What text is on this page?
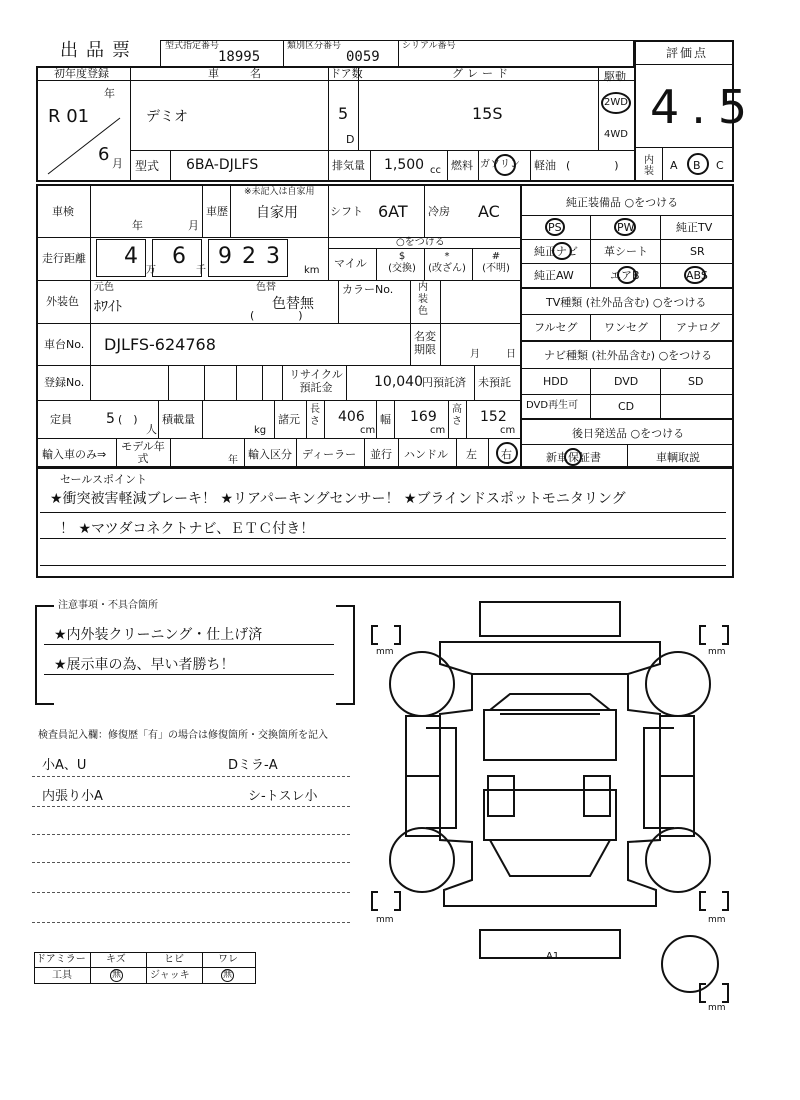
出品票	型式指定番号
18995
類別区分番号
0059
シリアル番号	評価点
4.5
初年度登録
R 01
年
6 月
車　名
デミオ
ドア数
5
D
グレード
15S
駆動
2WD
4WD
型式 6BA-DJLFS	排気量 1,500 cc 燃料 ガソリン 軽油 (　　　　)	内装 A B C
車検
年	月
車歴
※未記入は自家用
自家用	シフト 6AT 冷房 AC
走行距離 4 6 9 2 3
万	千	km
○をつける
マイル
$
(交換)
*
(改ざん)
#
(不明)
外装色
元色
ﾎﾜｲﾄ
色替
色替無
(　　　　)
カラーNo. 内装色
車台No. DJLFS-624768	名変期限	月	日
登録No.
リサイクル預託金	10,040 円預託済 未預託
定員 5 (　)
人
積載量
kg
諸元
長さ 406
cm
幅 169
cm
高さ 152
cm
輸入車のみ⇒
モデル年式	年 輸入区分 ディーラー 並行 ハンドル 左 右
純正装備品 ○をつける
PS	PW	純正TV
純正ナビ 革シート	SR
純正AW	エアB	ABS
TV種類 (社外品含む) ○をつける
フルセグ ワンセグ	アナログ
ナビ種類 (社外品含む) ○をつける
HDD	DVD	SD
DVD再生可	CD
後日発送品 ○をつける
新車保証書	車輌取説
セールスポイント
★衝突被害軽減ブレーキ！ ★リアパーキングセンサー！ ★ブラインドスポットモニタリング
！ ★マツダコネクトナビ、ＥＴＣ付き！
注意事項・不具合箇所
★内外装クリーニング・仕上げ済
★展示車の為、早い者勝ち！
検査員記入欄：修復歴「有」の場合は修復箇所・交換箇所を記入
小A、U	Dミラ-A
内張り小A	シ-トスレ小
ドアミラー キズ	ヒビ	ワレ
工具	無	ジャッキ	無
mm	mm
mm	mm
mm
A1
